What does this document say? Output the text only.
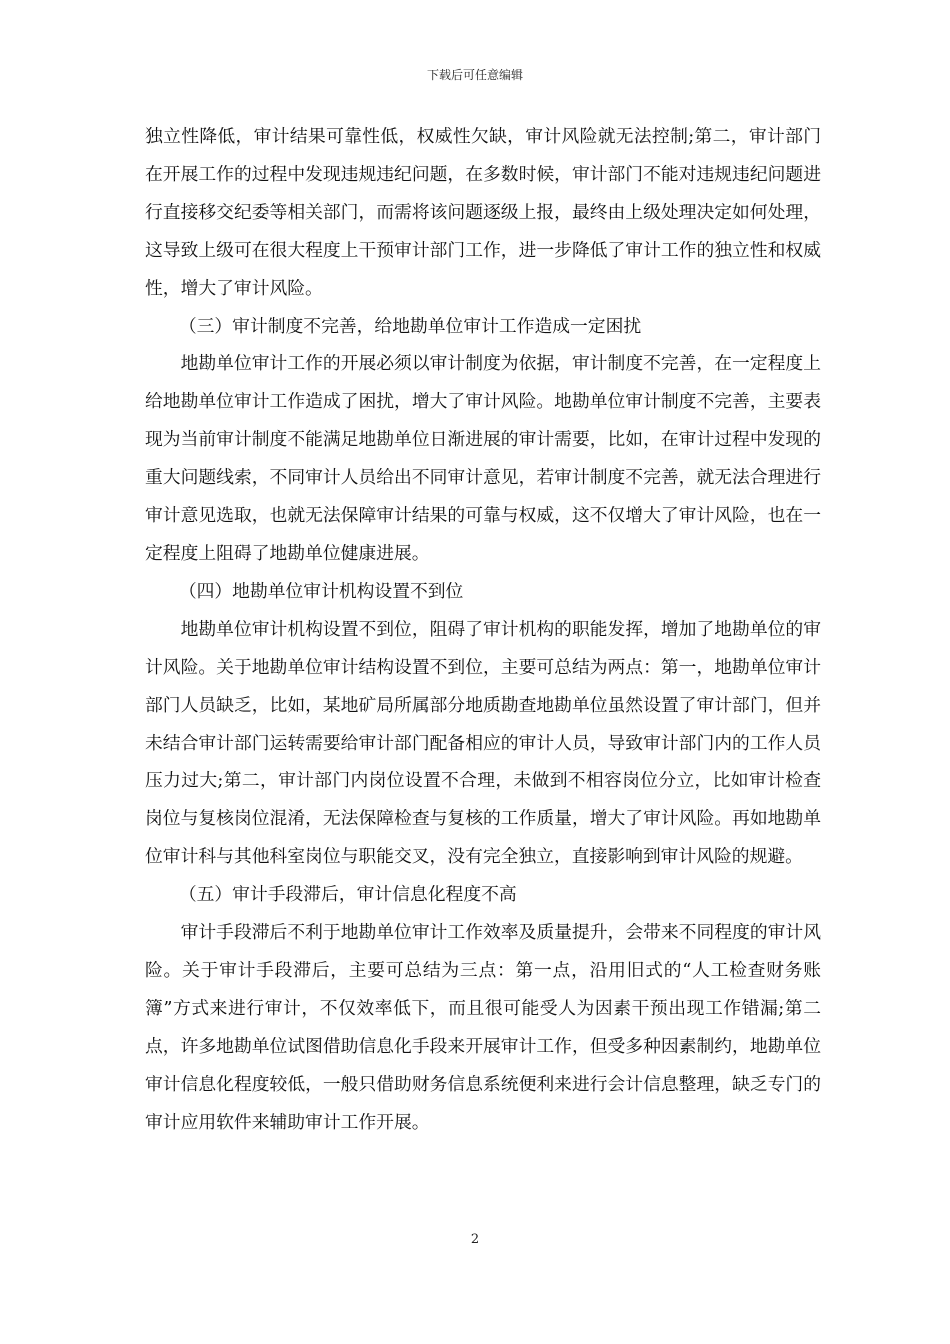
下载后可任意编辑

独立性降低，审计结果可靠性低，权威性欠缺，审计风险就无法控制;第二，审计部门在开展工作的过程中发现违规违纪问题，在多数时候，审计部门不能对违规违纪问题进行直接移交纪委等相关部门，而需将该问题逐级上报，最终由上级处理决定如何处理，这导致上级可在很大程度上干预审计部门工作，进一步降低了审计工作的独立性和权威性，增大了审计风险。

（三）审计制度不完善，给地勘单位审计工作造成一定困扰

地勘单位审计工作的开展必须以审计制度为依据，审计制度不完善，在一定程度上给地勘单位审计工作造成了困扰，增大了审计风险。地勘单位审计制度不完善，主要表现为当前审计制度不能满足地勘单位日渐进展的审计需要，比如，在审计过程中发现的重大问题线索，不同审计人员给出不同审计意见，若审计制度不完善，就无法合理进行审计意见选取，也就无法保障审计结果的可靠与权威，这不仅增大了审计风险，也在一定程度上阻碍了地勘单位健康进展。

（四）地勘单位审计机构设置不到位

地勘单位审计机构设置不到位，阻碍了审计机构的职能发挥，增加了地勘单位的审计风险。关于地勘单位审计结构设置不到位，主要可总结为两点：第一，地勘单位审计部门人员缺乏，比如，某地矿局所属部分地质勘查地勘单位虽然设置了审计部门，但并未结合审计部门运转需要给审计部门配备相应的审计人员，导致审计部门内的工作人员压力过大;第二，审计部门内岗位设置不合理，未做到不相容岗位分立，比如审计检查岗位与复核岗位混淆，无法保障检查与复核的工作质量，增大了审计风险。再如地勘单位审计科与其他科室岗位与职能交叉，没有完全独立，直接影响到审计风险的规避。

（五）审计手段滞后，审计信息化程度不高

审计手段滞后不利于地勘单位审计工作效率及质量提升，会带来不同程度的审计风险。关于审计手段滞后，主要可总结为三点：第一点，沿用旧式的“人工检查财务账簿”方式来进行审计，不仅效率低下，而且很可能受人为因素干预出现工作错漏;第二点，许多地勘单位试图借助信息化手段来开展审计工作，但受多种因素制约，地勘单位审计信息化程度较低，一般只借助财务信息系统便利来进行会计信息整理，缺乏专门的审计应用软件来辅助审计工作开展。

2
